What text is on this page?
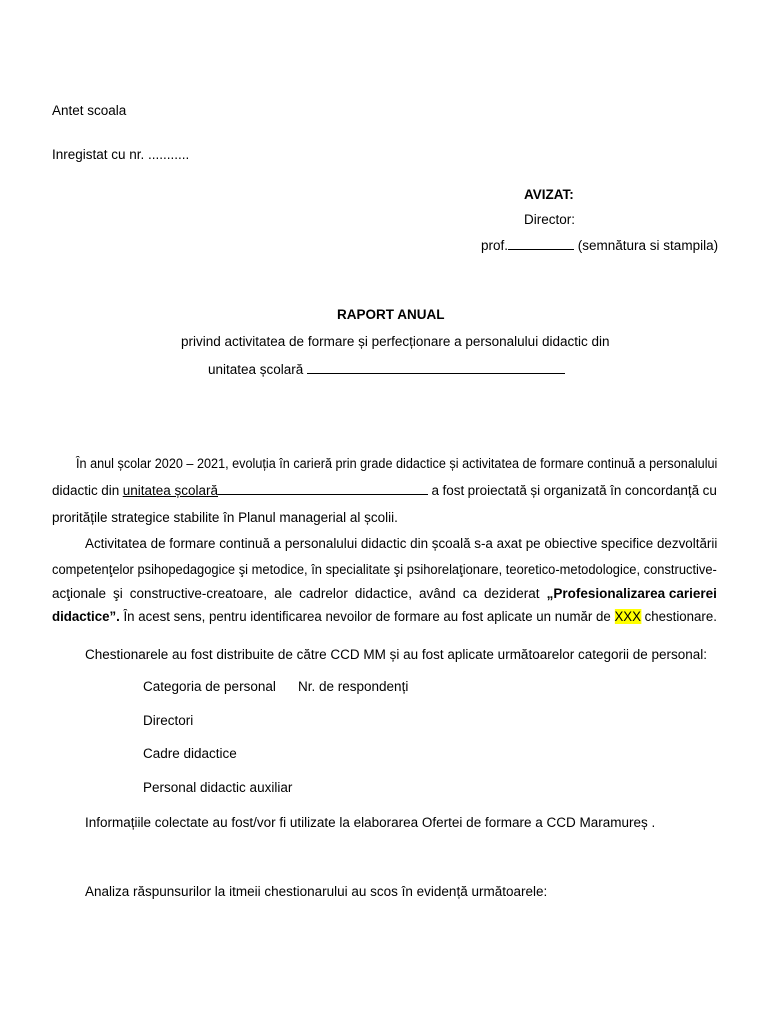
Antet scoala
Inregistat cu nr. ...........
AVIZAT:
Director:
prof.	(semnătura si stampila)
RAPORT ANUAL
privind activitatea de formare și perfecționare a personalului didactic din
unitatea școlară
În anul școlar 2020 – 2021, evoluția în carieră prin grade didactice și activitatea de formare continuă a personalului
didactic din unitatea școlară	a fost proiectată și organizată în concordanță cu
proritățile strategice stabilite în Planul managerial al școlii.
Activitatea de formare continuă a personalului didactic din școală s-a axat pe obiective specifice dezvoltării
competenţelor psihopedagogice şi metodice, în specialitate şi psihorelaţionare, teoretico-metodologice, constructive-
acţionale şi constructive-creatoare, ale cadrelor didactice, având ca deziderat „Profesionalizarea carierei
didactice”. În acest sens, pentru identificarea nevoilor de formare au fost aplicate un număr de XXX chestionare.
Chestionarele au fost distribuite de către CCD MM și au fost aplicate următoarelor categorii de personal:
Categoria de personal Nr. de respondenți
Directori
Cadre didactice
Personal didactic auxiliar
Informațiile colectate au fost/vor fi utilizate la elaborarea Ofertei de formare a CCD Maramureș .
Analiza răspunsurilor la itmeii chestionarului au scos în evidență următoarele:
